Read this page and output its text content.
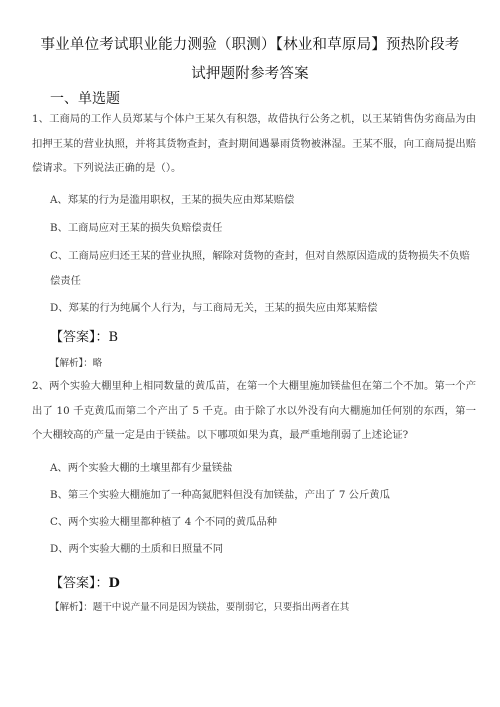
事业单位考试职业能力测验（职测）【林业和草原局】预热阶段考
试押题附参考答案
一、单选题
1、工商局的工作人员郑某与个体户王某久有积怨，故借执行公务之机，以王某销售伪劣商品为由扣押王某的营业执照，并将其货物查封，查封期间遇暴雨货物被淋湿。王某不服，向工商局提出赔偿请求。下列说法正确的是（）。
A、郑某的行为是滥用职权，王某的损失应由郑某赔偿
B、工商局应对王某的损失负赔偿责任
C、工商局应归还王某的营业执照，解除对货物的查封，但对自然原因造成的货物损失不负赔偿责任
D、郑某的行为纯属个人行为，与工商局无关，王某的损失应由郑某赔偿
【答案】：B
【解析】：略
2、两个实验大棚里种上相同数量的黄瓜苗，在第一个大棚里施加镁盐但在第二个不加。第一个产出了 10 千克黄瓜而第二个产出了 5 千克。由于除了水以外没有向大棚施加任何别的东西，第一个大棚较高的产量一定是由于镁盐。以下哪项如果为真，最严重地削弱了上述论证?
A、两个实验大棚的土壤里都有少量镁盐
B、第三个实验大棚施加了一种高氮肥料但没有加镁盐，产出了 7 公斤黄瓜
C、两个实验大棚里都种植了 4 个不同的黄瓜品种
D、两个实验大棚的土质和日照量不同
【答案】：D
【解析】：题干中说产量不同是因为镁盐，要削弱它，只要指出两者在其
